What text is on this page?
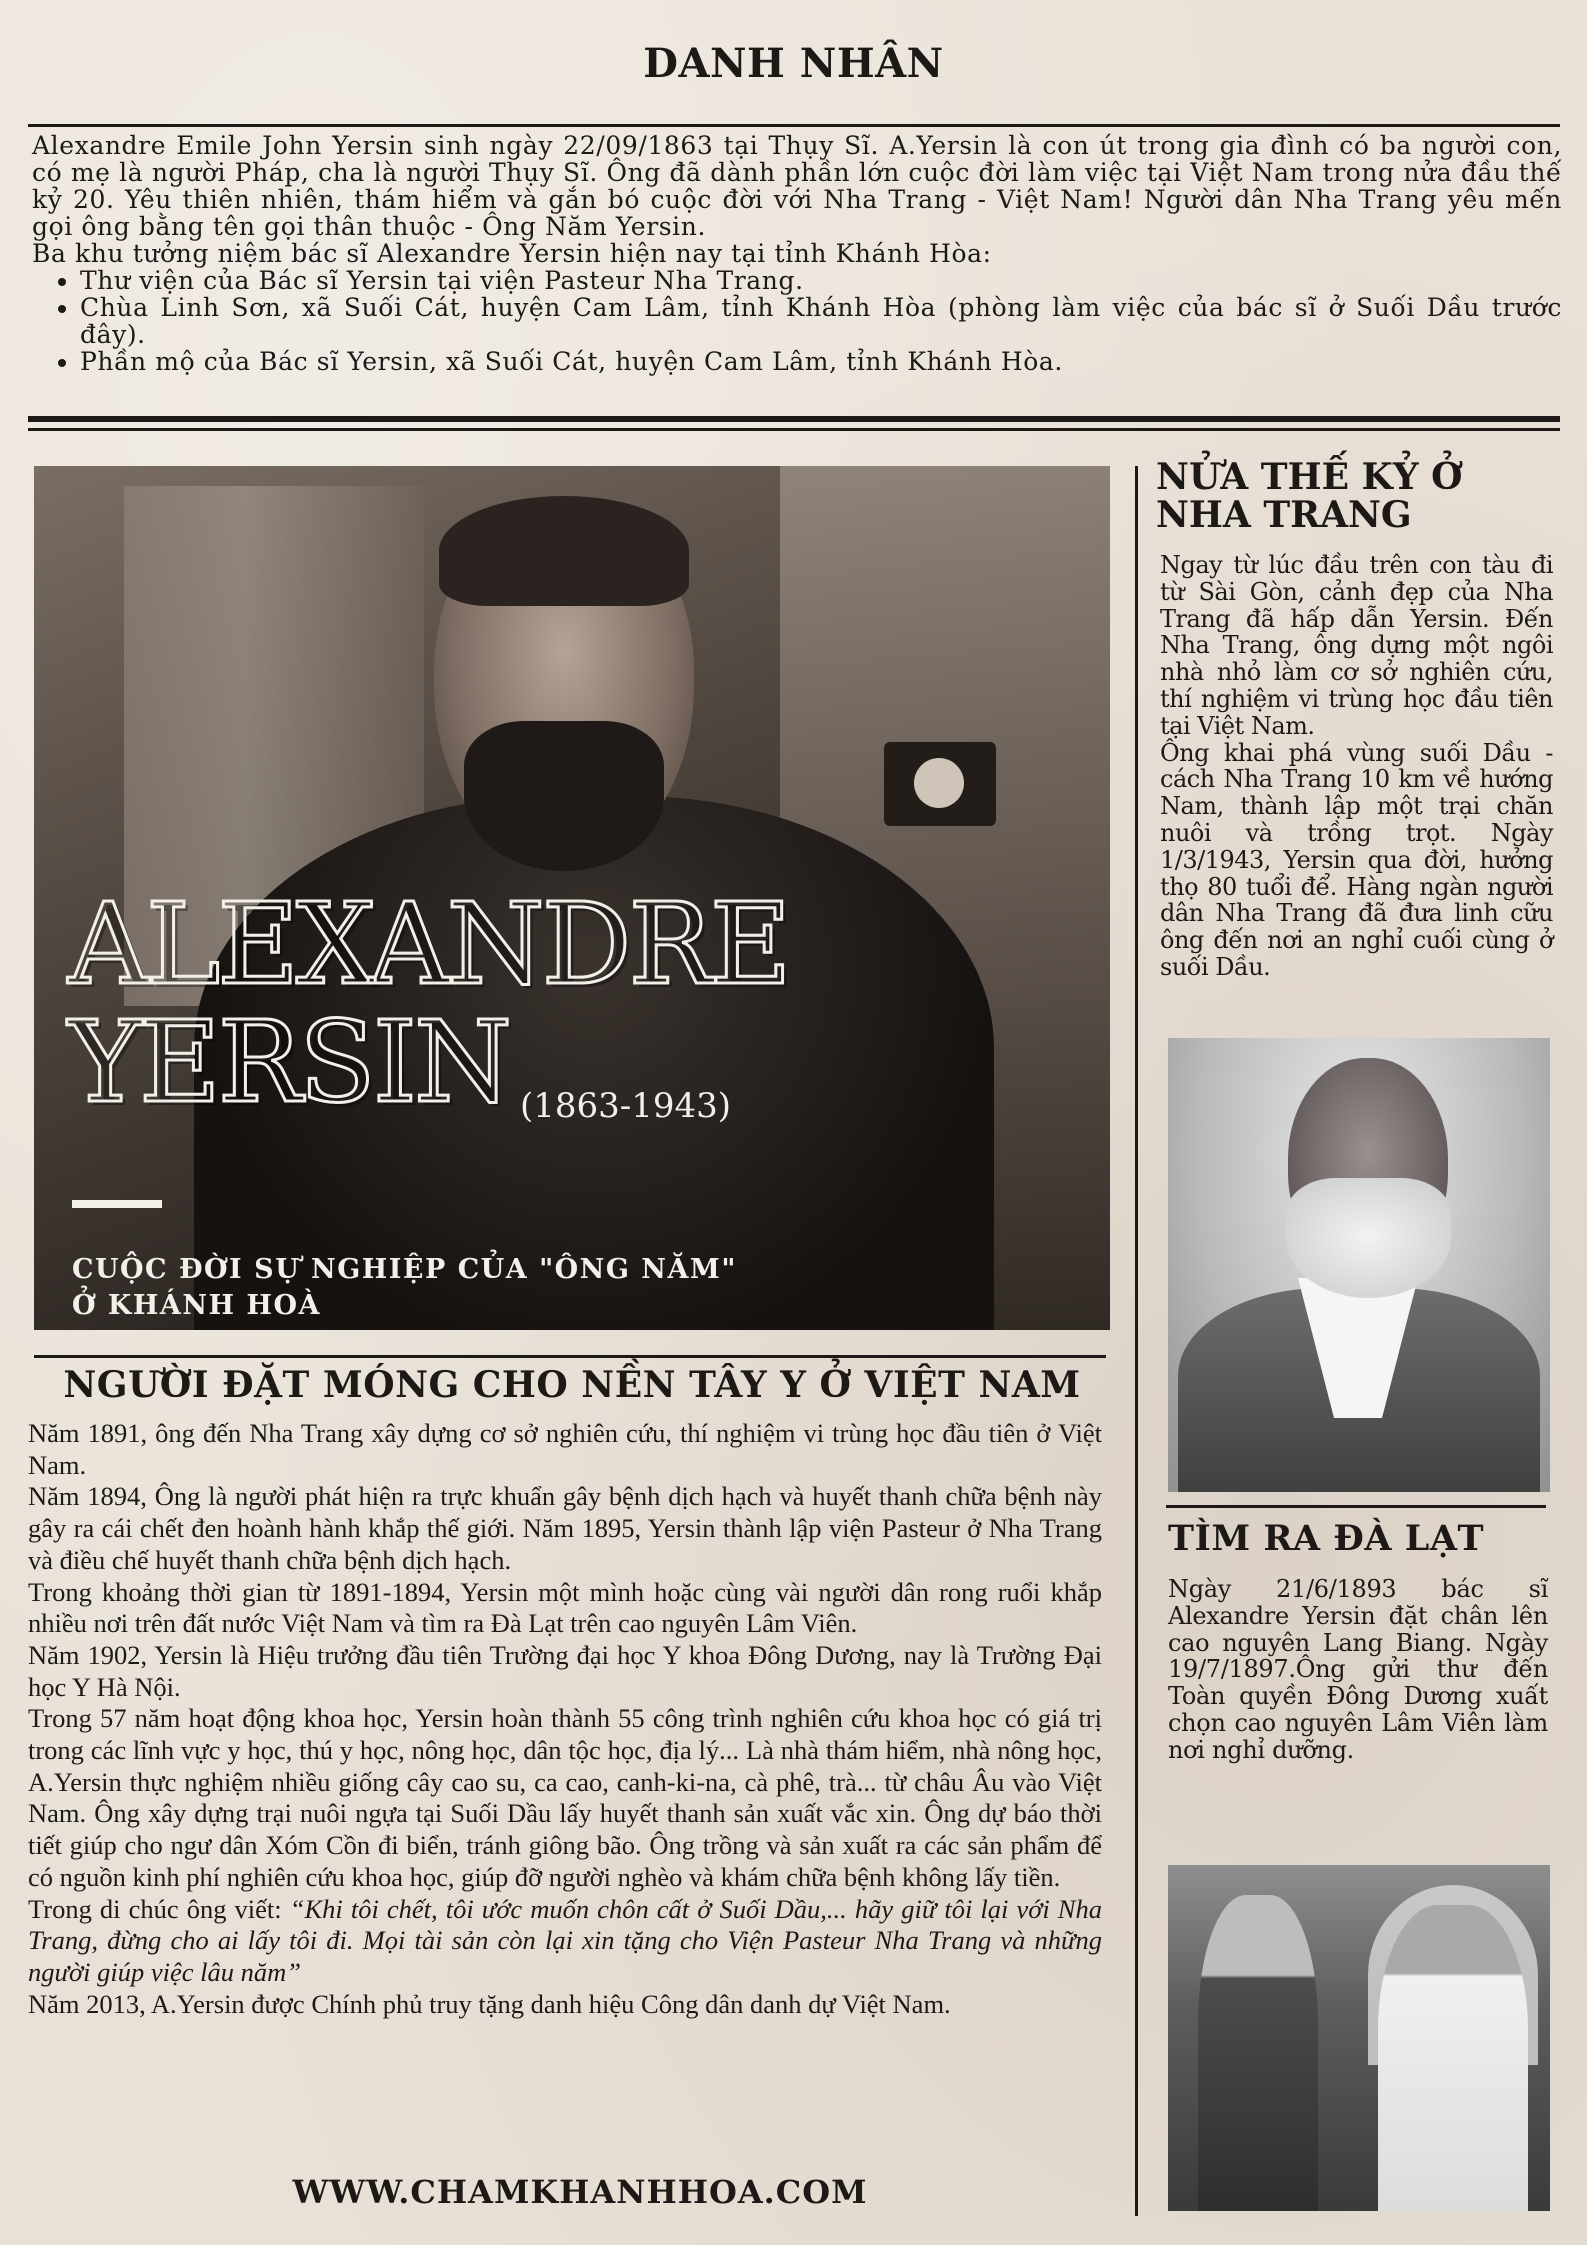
DANH NHÂN

Alexandre Emile John Yersin sinh ngày 22/09/1863 tại Thụy Sĩ. A.Yersin là con út trong gia đình có ba người con, có mẹ là người Pháp, cha là người Thụy Sĩ. Ông đã dành phần lớn cuộc đời làm việc tại Việt Nam trong nửa đầu thế kỷ 20. Yêu thiên nhiên, thám hiểm và gắn bó cuộc đời với Nha Trang - Việt Nam! Người dân Nha Trang yêu mến gọi ông bằng tên gọi thân thuộc - Ông Năm Yersin.

Ba khu tưởng niệm bác sĩ Alexandre Yersin hiện nay tại tỉnh Khánh Hòa:

• Thư viện của Bác sĩ Yersin tại viện Pasteur Nha Trang.
• Chùa Linh Sơn, xã Suối Cát, huyện Cam Lâm, tỉnh Khánh Hòa (phòng làm việc của bác sĩ ở Suối Dầu trước đây).
• Phần mộ của Bác sĩ Yersin, xã Suối Cát, huyện Cam Lâm, tỉnh Khánh Hòa.
ALEXANDRE
YERSIN (1863-1943)
CUỘC ĐỜI SỰ NGHIỆP CỦA "ÔNG NĂM"
Ở KHÁNH HOÀ
NGƯỜI ĐẶT MÓNG CHO NỀN TÂY Y Ở VIỆT NAM

Năm 1891, ông đến Nha Trang xây dựng cơ sở nghiên cứu, thí nghiệm vi trùng học đầu tiên ở Việt Nam.

Năm 1894, Ông là người phát hiện ra trực khuẩn gây bệnh dịch hạch và huyết thanh chữa bệnh này gây ra cái chết đen hoành hành khắp thế giới. Năm 1895, Yersin thành lập viện Pasteur ở Nha Trang và điều chế huyết thanh chữa bệnh dịch hạch.

Trong khoảng thời gian từ 1891-1894, Yersin một mình hoặc cùng vài người dân rong ruổi khắp nhiều nơi trên đất nước Việt Nam và tìm ra Đà Lạt trên cao nguyên Lâm Viên.

Năm 1902, Yersin là Hiệu trưởng đầu tiên Trường đại học Y khoa Đông Dương, nay là Trường Đại học Y Hà Nội.

Trong 57 năm hoạt động khoa học, Yersin hoàn thành 55 công trình nghiên cứu khoa học có giá trị trong các lĩnh vực y học, thú y học, nông học, dân tộc học, địa lý... Là nhà thám hiểm, nhà nông học, A.Yersin thực nghiệm nhiều giống cây cao su, ca cao, canh-ki-na, cà phê, trà... từ châu Âu vào Việt Nam. Ông xây dựng trại nuôi ngựa tại Suối Dầu lấy huyết thanh sản xuất vắc xin. Ông dự báo thời tiết giúp cho ngư dân Xóm Cồn đi biển, tránh giông bão. Ông trồng và sản xuất ra các sản phẩm để có nguồn kinh phí nghiên cứu khoa học, giúp đỡ người nghèo và khám chữa bệnh không lấy tiền.

Trong di chúc ông viết: “Khi tôi chết, tôi ước muốn chôn cất ở Suối Dầu,... hãy giữ tôi lại với Nha Trang, đừng cho ai lấy tôi đi. Mọi tài sản còn lại xin tặng cho Viện Pasteur Nha Trang và những người giúp việc lâu năm”

Năm 2013, A.Yersin được Chính phủ truy tặng danh hiệu Công dân danh dự Việt Nam.

WWW.CHAMKHANHHOA.COM
NỬA THẾ KỶ Ở
NHA TRANG

Ngay từ lúc đầu trên con tàu đi từ Sài Gòn, cảnh đẹp của Nha Trang đã hấp dẫn Yersin. Đến Nha Trang, ông dựng một ngôi nhà nhỏ làm cơ sở nghiên cứu, thí nghiệm vi trùng học đầu tiên tại Việt Nam.

Ông khai phá vùng suối Dầu - cách Nha Trang 10 km về hướng Nam, thành lập một trại chăn nuôi và trồng trọt. Ngày 1/3/1943, Yersin qua đời, hưởng thọ 80 tuổi để. Hàng ngàn người dân Nha Trang đã đưa linh cữu ông đến nơi an nghỉ cuối cùng ở suối Dầu.

TÌM RA ĐÀ LẠT
Ngày 21/6/1893 bác sĩ Alexandre Yersin đặt chân lên cao nguyên Lang Biang. Ngày 19/7/1897.Ông gửi thư đến Toàn quyền Đông Dương xuất chọn cao nguyên Lâm Viên làm nơi nghỉ dưỡng.
